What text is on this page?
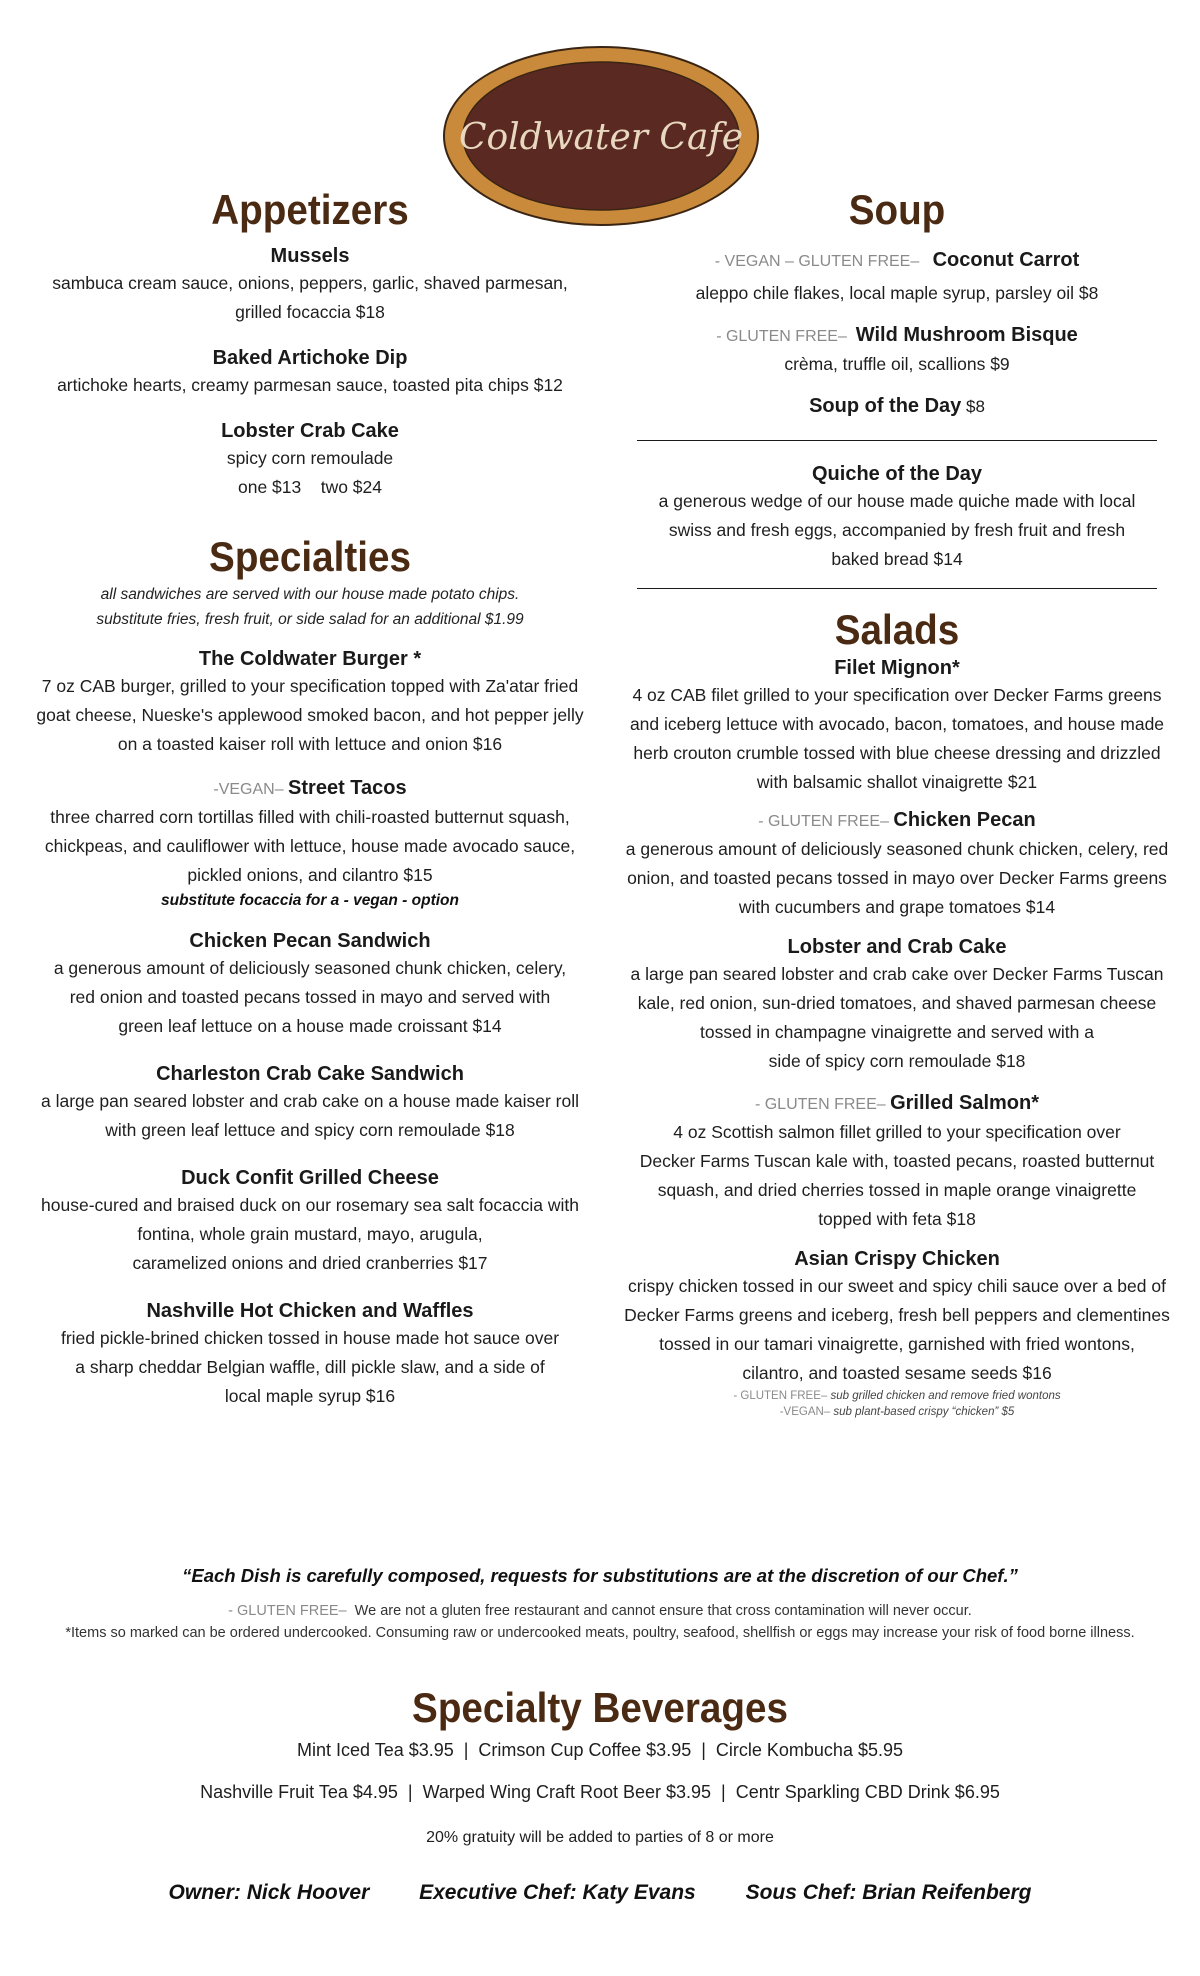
Coldwater Cafe
Appetizers
Mussels
sambuca cream sauce, onions, peppers, garlic, shaved parmesan,
grilled focaccia $18
Baked Artichoke Dip
artichoke hearts, creamy parmesan sauce, toasted pita chips $12
Lobster Crab Cake
spicy corn remoulade
one $13    two $24
Specialties
all sandwiches are served with our house made potato chips.
substitute fries, fresh fruit, or side salad for an additional $1.99
The Coldwater Burger *
7 oz CAB burger, grilled to your specification topped with Za'atar fried
goat cheese, Nueske's applewood smoked bacon, and hot pepper jelly
on a toasted kaiser roll with lettuce and onion $16
-VEGAN– Street Tacos
three charred corn tortillas filled with chili-roasted butternut squash,
chickpeas, and cauliflower with lettuce, house made avocado sauce,
pickled onions, and cilantro $15
substitute focaccia for a - vegan - option
Chicken Pecan Sandwich
a generous amount of deliciously seasoned chunk chicken, celery,
red onion and toasted pecans tossed in mayo and served with
green leaf lettuce on a house made croissant $14
Charleston Crab Cake Sandwich
a large pan seared lobster and crab cake on a house made kaiser roll
with green leaf lettuce and spicy corn remoulade $18
Duck Confit Grilled Cheese
house-cured and braised duck on our rosemary sea salt focaccia with
fontina, whole grain mustard, mayo, arugula,
caramelized onions and dried cranberries $17
Nashville Hot Chicken and Waffles
fried pickle-brined chicken tossed in house made hot sauce over
a sharp cheddar Belgian waffle, dill pickle slaw, and a side of
local maple syrup $16
Soup
- VEGAN – GLUTEN FREE–   Coconut Carrot
aleppo chile flakes, local maple syrup, parsley oil $8
- GLUTEN FREE–  Wild Mushroom Bisque
crèma, truffle oil, scallions $9
Soup of the Day $8
Quiche of the Day
a generous wedge of our house made quiche made with local
swiss and fresh eggs, accompanied by fresh fruit and fresh
baked bread $14
Salads
Filet Mignon*
4 oz CAB filet grilled to your specification over Decker Farms greens
and iceberg lettuce with avocado, bacon, tomatoes, and house made
herb crouton crumble tossed with blue cheese dressing and drizzled
with balsamic shallot vinaigrette $21
- GLUTEN FREE– Chicken Pecan
a generous amount of deliciously seasoned chunk chicken, celery, red
onion, and toasted pecans tossed in mayo over Decker Farms greens
with cucumbers and grape tomatoes $14
Lobster and Crab Cake
a large pan seared lobster and crab cake over Decker Farms Tuscan
kale, red onion, sun-dried tomatoes, and shaved parmesan cheese
tossed in champagne vinaigrette and served with a
side of spicy corn remoulade $18
- GLUTEN FREE– Grilled Salmon*
4 oz Scottish salmon fillet grilled to your specification over
Decker Farms Tuscan kale with, toasted pecans, roasted butternut
squash, and dried cherries tossed in maple orange vinaigrette
topped with feta $18
Asian Crispy Chicken
crispy chicken tossed in our sweet and spicy chili sauce over a bed of
Decker Farms greens and iceberg, fresh bell peppers and clementines
tossed in our tamari vinaigrette, garnished with fried wontons,
cilantro, and toasted sesame seeds $16
- GLUTEN FREE– sub grilled chicken and remove fried wontons
-VEGAN– sub plant-based crispy “chicken” $5
“Each Dish is carefully composed, requests for substitutions are at the discretion of our Chef.”
- GLUTEN FREE–  We are not a gluten free restaurant and cannot ensure that cross contamination will never occur.
*Items so marked can be ordered undercooked. Consuming raw or undercooked meats, poultry, seafood, shellfish or eggs may increase your risk of food borne illness.
Specialty Beverages
Mint Iced Tea $3.95  |  Crimson Cup Coffee $3.95  |  Circle Kombucha $5.95
Nashville Fruit Tea $4.95  |  Warped Wing Craft Root Beer $3.95  |  Centr Sparkling CBD Drink $6.95
20% gratuity will be added to parties of 8 or more
Owner: Nick Hoover Executive Chef: Katy Evans Sous Chef: Brian Reifenberg
